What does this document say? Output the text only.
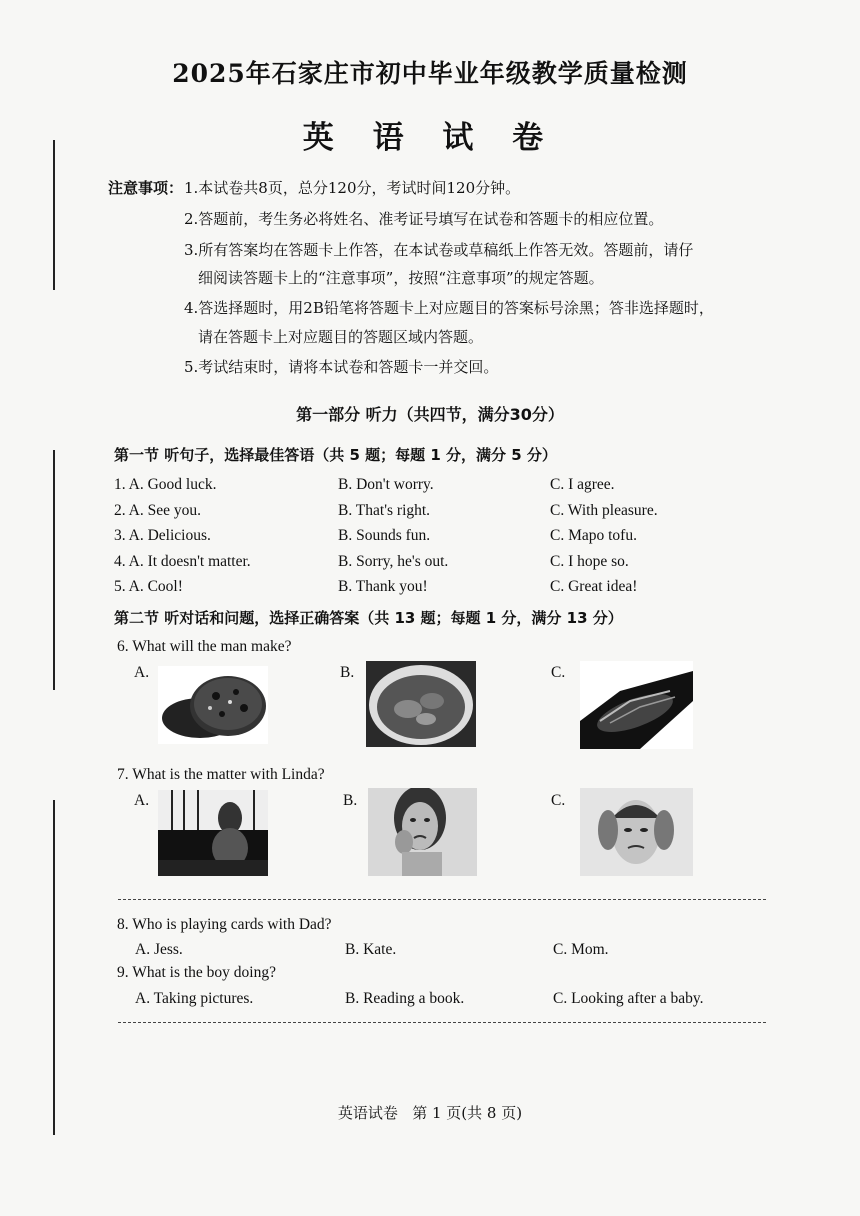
2025年石家庄市初中毕业年级教学质量检测
英 语 试 卷
注意事项： 1.本试卷共8页，总分120分，考试时间120分钟。
2.答题前，考生务必将姓名、准考证号填写在试卷和答题卡的相应位置。
3.所有答案均在答题卡上作答，在本试卷或草稿纸上作答无效。答题前，请仔
细阅读答题卡上的“注意事项”，按照“注意事项”的规定答题。
4.答选择题时，用2B铅笔将答题卡上对应题目的答案标号涂黑；答非选择题时，
请在答题卡上对应题目的答题区域内答题。
5.考试结束时，请将本试卷和答题卡一并交回。
第一部分 听力（共四节，满分30分）
第一节 听句子，选择最佳答语（共 5 题；每题 1 分，满分 5 分）
1. A. Good luck.	B. Don't worry.	C. I agree.
2. A. See you.	B. That's right.	C. With pleasure.
3. A. Delicious.	B. Sounds fun.	C. Mapo tofu.
4. A. It doesn't matter.	B. Sorry, he's out.	C. I hope so.
5. A. Cool!	B. Thank you!	C. Great idea!
第二节 听对话和问题，选择正确答案（共 13 题；每题 1 分，满分 13 分）
6. What will the man make?
A.	B.	C.
7. What is the matter with Linda?
A.	B.	C.
8. Who is playing cards with Dad?
A. Jess.	B. Kate.	C. Mom.
9. What is the boy doing?
A. Taking pictures.	B. Reading a book.	C. Looking after a baby.
英语试卷   第 1 页(共 8 页)
